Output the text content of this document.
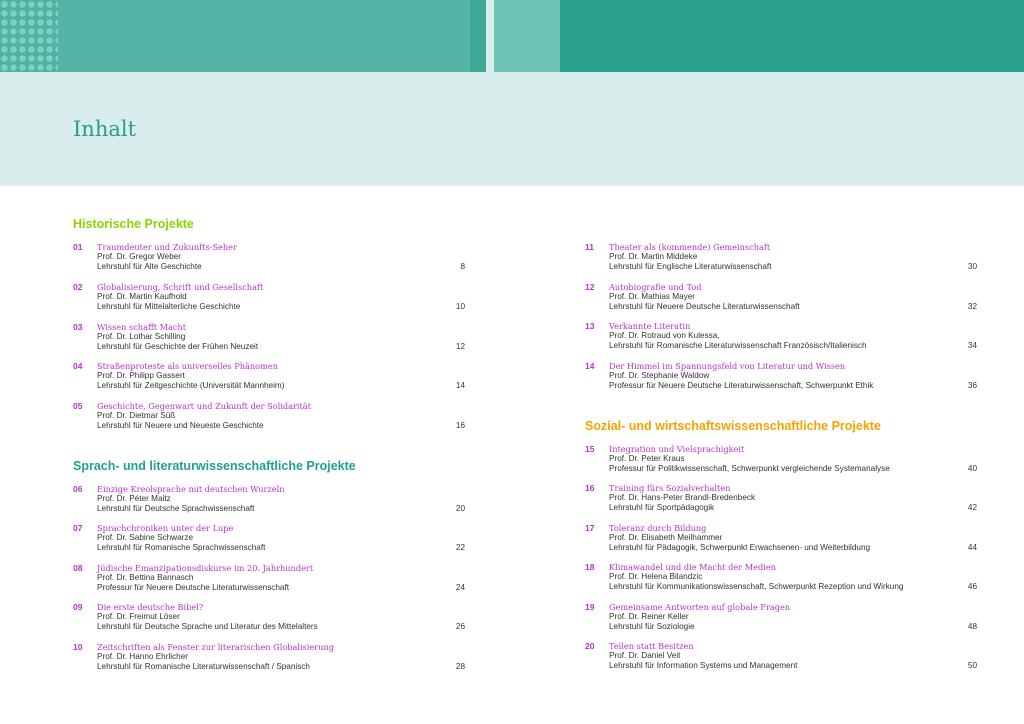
Inhalt
Historische Projekte
01 Traumdeuter und Zukunfts-Seher
Prof. Dr. Gregor Weber
Lehrstuhl für Alte Geschichte	8
02 Globalisierung, Schrift und Gesellschaft
Prof. Dr. Martin Kaufhold
Lehrstuhl für Mittelalterliche Geschichte	10
03 Wissen schafft Macht
Prof. Dr. Lothar Schilling
Lehrstuhl für Geschichte der Frühen Neuzeit	12
04 Straßenproteste als universelles Phänomen
Prof. Dr. Philipp Gassert
Lehrstuhl für Zeitgeschichte (Universität Mannheim)	14
05 Geschichte, Gegenwart und Zukunft der Solidarität
Prof. Dr. Dietmar Süß
Lehrstuhl für Neuere und Neueste Geschichte	16
Sprach- und literaturwissenschaftliche Projekte
06 Einzige Kreolsprache mit deutschen Wurzeln
Prof. Dr. Péter Maitz
Lehrstuhl für Deutsche Sprachwissenschaft	20
07 Sprachchroniken unter der Lupe
Prof. Dr. Sabine Schwarze
Lehrstuhl für Romanische Sprachwissenschaft	22
08 Jüdische Emanzipationsdiskurse im 20. Jahrhundert
Prof. Dr. Bettina Bannasch
Professur für Neuere Deutsche Literaturwissenschaft	24
09 Die erste deutsche Bibel?
Prof. Dr. Freimut Löser
Lehrstuhl für Deutsche Sprache und Literatur des Mittelalters	26
10 Zeitschriften als Fenster zur literarischen Globalisierung
Prof. Dr. Hanno Ehrlicher
Lehrstuhl für Romanische Literaturwissenschaft / Spanisch	28
11 Theater als (kommende) Gemeinschaft
Prof. Dr. Martin Middeke
Lehrstuhl für Englische Literaturwissenschaft	30
12 Autobiografie und Tod
Prof. Dr. Mathias Mayer
Lehrstuhl für Neuere Deutsche Literaturwissenschaft	32
13 Verkannte Literatin
Prof. Dr. Rotraud von Kulessa,
Lehrstuhl für Romanische Literaturwissenschaft Französisch/Italienisch	34
14 Der Himmel im Spannungsfeld von Literatur und Wissen
Prof. Dr. Stephanie Waldow
Professur für Neuere Deutsche Literaturwissenschaft, Schwerpunkt Ethik	36
Sozial- und wirtschaftswissenschaftliche Projekte
15 Integration und Vielsprachigkeit
Prof. Dr. Peter Kraus
Professur für Politikwissenschaft, Schwerpunkt vergleichende Systemanalyse	40
16 Training fürs Sozialverhalten
Prof. Dr. Hans-Peter Brandl-Bredenbeck
Lehrstuhl für Sportpädagogik	42
17 Toleranz durch Bildung
Prof. Dr. Elisabeth Meilhammer
Lehrstuhl für Pädagogik, Schwerpunkt Erwachsenen- und Weiterbildung	44
18 Klimawandel und die Macht der Medien
Prof. Dr. Helena Bilandzic
Lehrstuhl für Kommunikationswissenschaft, Schwerpunkt Rezeption und Wirkung	46
19 Gemeinsame Antworten auf globale Fragen
Prof. Dr. Reiner Keller
Lehrstuhl für Soziologie	48
20 Teilen statt Besitzen
Prof. Dr. Daniel Veit
Lehrstuhl für Information Systems und Management	50
